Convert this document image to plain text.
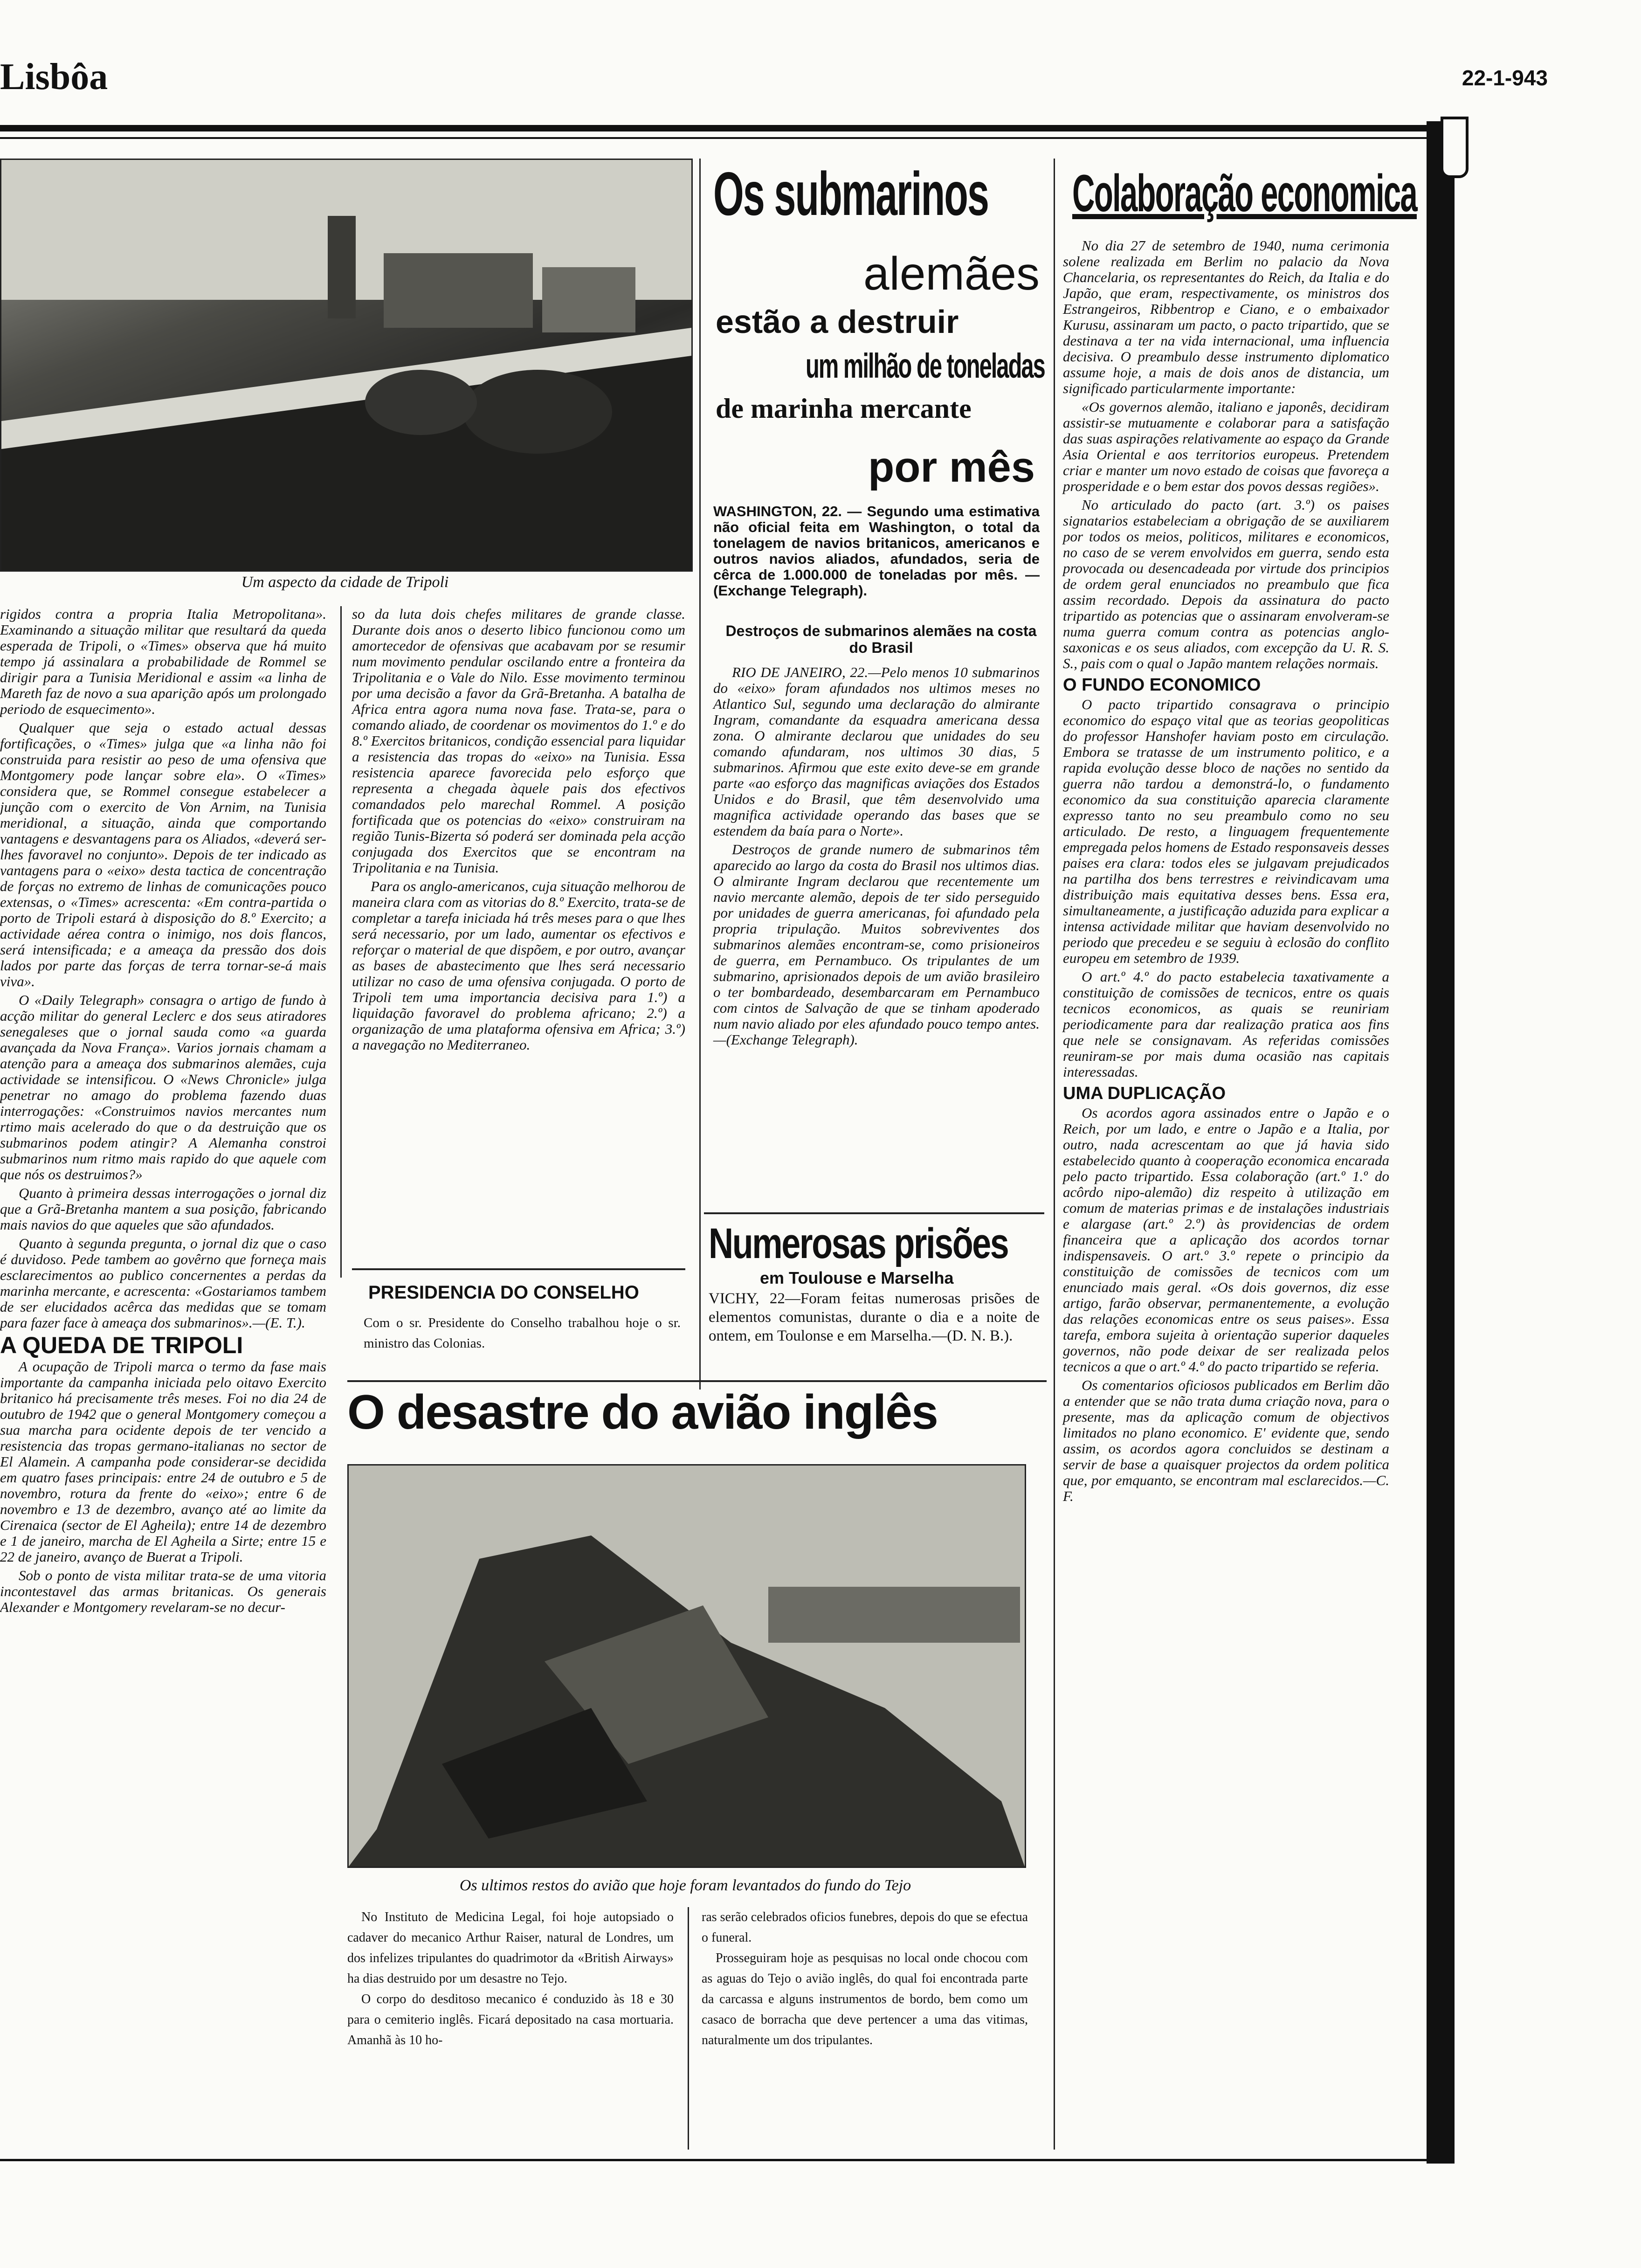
Lisbôa	22-1-943
Um aspecto da cidade de Tripoli

rigidos contra a propria Italia Metropolitana». Examinando a situação militar que resultará da queda esperada de Tripoli, o «Times» observa que há muito tempo já assinalara a probabilidade de Rommel se dirigir para a Tunisia Meridional e assim «a linha de Mareth faz de novo a sua aparição após um prolongado periodo de esquecimento».

Qualquer que seja o estado actual dessas fortificações, o «Times» julga que «a linha não foi construida para resistir ao peso de uma ofensiva que Montgomery pode lançar sobre ela». O «Times» considera que, se Rommel consegue estabelecer a junção com o exercito de Von Arnim, na Tunisia meridional, a situação, ainda que comportando vantagens e desvantagens para os Aliados, «deverá ser-lhes favoravel no conjunto». Depois de ter indicado as vantagens para o «eixo» desta tactica de concentração de forças no extremo de linhas de comunicações pouco extensas, o «Times» acrescenta: «Em contra-partida o porto de Tripoli estará à disposição do 8.º Exercito; a actividade aérea contra o inimigo, nos dois flancos, será intensificada; e a ameaça da pressão dos dois lados por parte das forças de terra tornar-se-á mais viva».

O «Daily Telegraph» consagra o artigo de fundo à acção militar do general Leclerc e dos seus atiradores senegaleses que o jornal sauda como «a guarda avançada da Nova França». Varios jornais chamam a atenção para a ameaça dos submarinos alemães, cuja actividade se intensificou. O «News Chronicle» julga penetrar no amago do problema fazendo duas interrogações: «Construimos navios mercantes num rtimo mais acelerado do que o da destruição que os submarinos podem atingir? A Alemanha constroi submarinos num ritmo mais rapido do que aquele com que nós os destruimos?»

Quanto à primeira dessas interrogações o jornal diz que a Grã-Bretanha mantem a sua posição, fabricando mais navios do que aqueles que são afundados.

Quanto à segunda pregunta, o jornal diz que o caso é duvidoso. Pede tambem ao govêrno que forneça mais esclarecimentos ao publico concernentes a perdas da marinha mercante, e acrescenta: «Gostariamos tambem de ser elucidados acêrca das medidas que se tomam para fazer face à ameaça dos submarinos».—(E. T.).

A QUEDA DE TRIPOLI

A ocupação de Tripoli marca o termo da fase mais importante da campanha iniciada pelo oitavo Exercito britanico há precisamente três meses. Foi no dia 24 de outubro de 1942 que o general Montgomery começou a sua marcha para ocidente depois de ter vencido a resistencia das tropas germano-italianas no sector de El Alamein. A campanha pode considerar-se decidida em quatro fases principais: entre 24 de outubro e 5 de novembro, rotura da frente do «eixo»; entre 6 de novembro e 13 de dezembro, avanço até ao limite da Cirenaica (sector de El Agheila); entre 14 de dezembro e 1 de janeiro, marcha de El Agheila a Sirte; entre 15 e 22 de janeiro, avanço de Buerat a Tripoli.

Sob o ponto de vista militar trata-se de uma vitoria incontestavel das armas britanicas. Os generais Alexander e Montgomery revelaram-se no decur-

so da luta dois chefes militares de grande classe. Durante dois anos o deserto libico funcionou como um amortecedor de ofensivas que acabavam por se resumir num movimento pendular oscilando entre a fronteira da Tripolitania e o Vale do Nilo. Esse movimento terminou por uma decisão a favor da Grã-Bretanha. A batalha de Africa entra agora numa nova fase. Trata-se, para o comando aliado, de coordenar os movimentos do 1.º e do 8.º Exercitos britanicos, condição essencial para liquidar a resistencia das tropas do «eixo» na Tunisia. Essa resistencia aparece favorecida pelo esforço que representa a chegada àquele pais dos efectivos comandados pelo marechal Rommel. A posição fortificada que os potencias do «eixo» construiram na região Tunis-Bizerta só poderá ser dominada pela acção conjugada dos Exercitos que se encontram na Tripolitania e na Tunisia.

Para os anglo-americanos, cuja situação melhorou de maneira clara com as vitorias do 8.º Exercito, trata-se de completar a tarefa iniciada há três meses para o que lhes será necessario, por um lado, aumentar os efectivos e reforçar o material de que dispõem, e por outro, avançar as bases de abastecimento que lhes será necessario utilizar no caso de uma ofensiva conjugada. O porto de Tripoli tem uma importancia decisiva para 1.º) a liquidação favoravel do problema africano; 2.º) a organização de uma plataforma ofensiva em Africa; 3.º) a navegação no Mediterraneo.

PRESIDENCIA DO CONSELHO
Com o sr. Presidente do Conselho trabalhou hoje o sr. ministro das Colonias.
Os submarinos
alemães
estão a destruir
um milhão de toneladas
de marinha mercante
por mês
WASHINGTON, 22. — Segundo uma estimativa não oficial feita em Washington, o total da tonelagem de navios britanicos, americanos e outros navios aliados, afundados, seria de cêrca de 1.000.000 de toneladas por mês. — (Exchange Telegraph).
Destroços de submarinos alemães na costa do Brasil

RIO DE JANEIRO, 22.—Pelo menos 10 submarinos do «eixo» foram afundados nos ultimos meses no Atlantico Sul, segundo uma declaração do almirante Ingram, comandante da esquadra americana dessa zona. O almirante declarou que unidades do seu comando afundaram, nos ultimos 30 dias, 5 submarinos. Afirmou que este exito deve-se em grande parte «ao esforço das magnificas aviações dos Estados Unidos e do Brasil, que têm desenvolvido uma magnifica actividade operando das bases que se estendem da baía para o Norte».

Destroços de grande numero de submarinos têm aparecido ao largo da costa do Brasil nos ultimos dias. O almirante Ingram declarou que recentemente um navio mercante alemão, depois de ter sido perseguido por unidades de guerra americanas, foi afundado pela propria tripulação. Muitos sobreviventes dos submarinos alemães encontram-se, como prisioneiros de guerra, em Pernambuco. Os tripulantes de um submarino, aprisionados depois de um avião brasileiro o ter bombardeado, desembarcaram em Pernambuco com cintos de Salvação de que se tinham apoderado num navio aliado por eles afundado pouco tempo antes.—(Exchange Telegraph).

Numerosas prisões
em Toulouse e Marselha
VICHY, 22—Foram feitas numerosas prisões de elementos comunistas, durante o dia e a noite de ontem, em Toulonse e em Marselha.—(D. N. B.).
Colaboração economica

No dia 27 de setembro de 1940, numa cerimonia solene realizada em Berlim no palacio da Nova Chancelaria, os representantes do Reich, da Italia e do Japão, que eram, respectivamente, os ministros dos Estrangeiros, Ribbentrop e Ciano, e o embaixador Kurusu, assinaram um pacto, o pacto tripartido, que se destinava a ter na vida internacional, uma influencia decisiva. O preambulo desse instrumento diplomatico assume hoje, a mais de dois anos de distancia, um significado particularmente importante:

«Os governos alemão, italiano e japonês, decidiram assistir-se mutuamente e colaborar para a satisfação das suas aspirações relativamente ao espaço da Grande Asia Oriental e aos territorios europeus. Pretendem criar e manter um novo estado de coisas que favoreça a prosperidade e o bem estar dos povos dessas regiões».

No articulado do pacto (art. 3.º) os paises signatarios estabeleciam a obrigação de se auxiliarem por todos os meios, politicos, militares e economicos, no caso de se verem envolvidos em guerra, sendo esta provocada ou desencadeada por virtude dos principios de ordem geral enunciados no preambulo que fica assim recordado. Depois da assinatura do pacto tripartido as potencias que o assinaram envolveram-se numa guerra comum contra as potencias anglo-saxonicas e os seus aliados, com excepção da U. R. S. S., pais com o qual o Japão mantem relações normais.

O FUNDO ECONOMICO

O pacto tripartido consagrava o principio economico do espaço vital que as teorias geopoliticas do professor Hanshofer haviam posto em circulação. Embora se tratasse de um instrumento politico, e a rapida evolução desse bloco de nações no sentido da guerra não tardou a demonstrá-lo, o fundamento economico da sua constituição aparecia claramente expresso tanto no seu preambulo como no seu articulado. De resto, a linguagem frequentemente empregada pelos homens de Estado responsaveis desses paises era clara: todos eles se julgavam prejudicados na partilha dos bens terrestres e reivindicavam uma distribuição mais equitativa desses bens. Essa era, simultaneamente, a justificação aduzida para explicar a intensa actividade militar que haviam desenvolvido no periodo que precedeu e se seguiu à eclosão do conflito europeu em setembro de 1939.

O art.º 4.º do pacto estabelecia taxativamente a constituição de comissões de tecnicos, entre os quais tecnicos economicos, as quais se reuniriam periodicamente para dar realização pratica aos fins que nele se consignavam. As referidas comissões reuniram-se por mais duma ocasião nas capitais interessadas.

UMA DUPLICAÇÃO

Os acordos agora assinados entre o Japão e o Reich, por um lado, e entre o Japão e a Italia, por outro, nada acrescentam ao que já havia sido estabelecido quanto à cooperação economica encarada pelo pacto tripartido. Essa colaboração (art.º 1.º do acôrdo nipo-alemão) diz respeito à utilização em comum de materias primas e de instalações industriais e alargase (art.º 2.º) às providencias de ordem financeira que a aplicação dos acordos tornar indispensaveis. O art.º 3.º repete o principio da constituição de comissões de tecnicos com um enunciado mais geral. «Os dois governos, diz esse artigo, farão observar, permanentemente, a evolução das relações economicas entre os seus paises». Essa tarefa, embora sujeita à orientação superior daqueles governos, não pode deixar de ser realizada pelos tecnicos a que o art.º 4.º do pacto tripartido se referia.

Os comentarios oficiosos publicados em Berlim dão a entender que se não trata duma criação nova, para o presente, mas da aplicação comum de objectivos limitados no plano economico. E' evidente que, sendo assim, os acordos agora concluidos se destinam a servir de base a quaisquer projectos da ordem politica que, por emquanto, se encontram mal esclarecidos.—C. F.

O desastre do avião inglês
Os ultimos restos do avião que hoje foram levantados do fundo do Tejo

No Instituto de Medicina Legal, foi hoje autopsiado o cadaver do mecanico Arthur Raiser, natural de Londres, um dos infelizes tripulantes do quadrimotor da «British Airways» ha dias destruido por um desastre no Tejo.

O corpo do desditoso mecanico é conduzido às 18 e 30 para o cemiterio inglês. Ficará depositado na casa mortuaria. Amanhã às 10 ho-

ras serão celebrados oficios funebres, depois do que se efectua o funeral.

Prosseguiram hoje as pesquisas no local onde chocou com as aguas do Tejo o avião inglês, do qual foi encontrada parte da carcassa e alguns instrumentos de bordo, bem como um casaco de borracha que deve pertencer a uma das vitimas, naturalmente um dos tripulantes.
